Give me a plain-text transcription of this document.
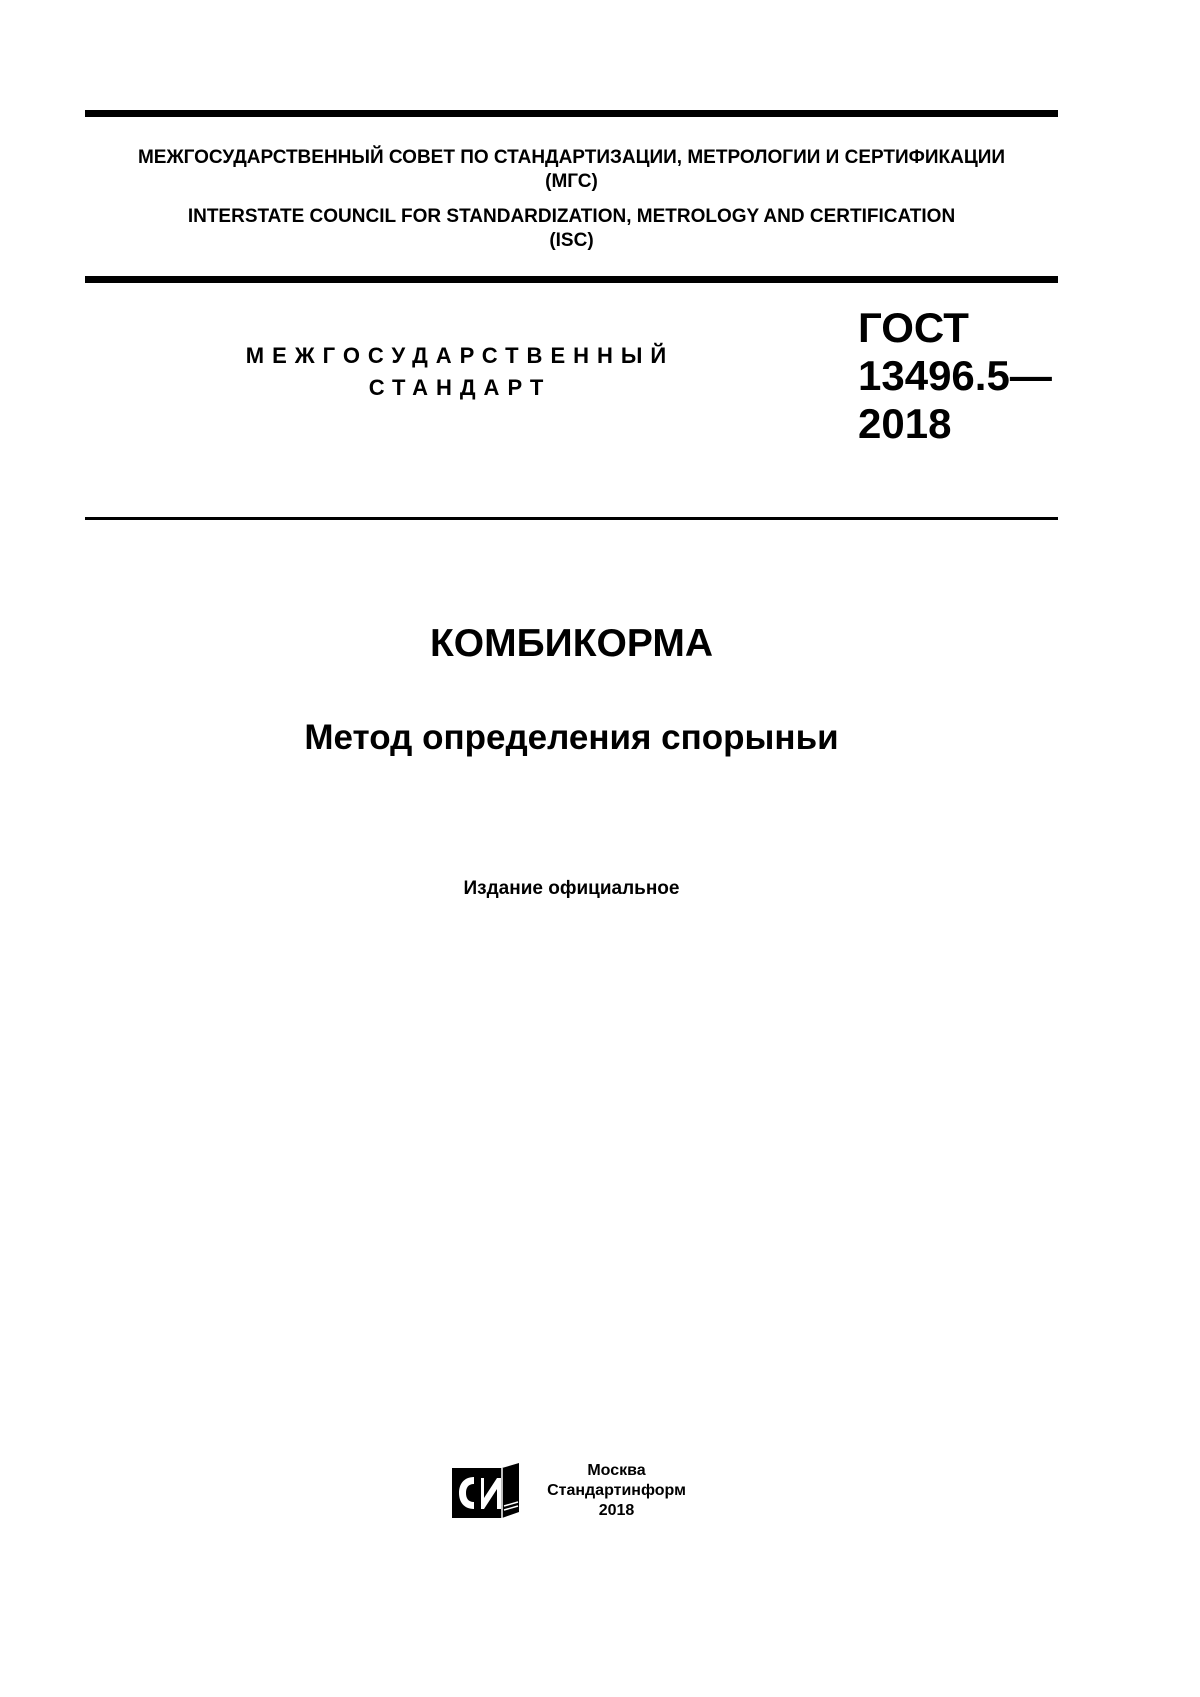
МЕЖГОСУДАРСТВЕННЫЙ СОВЕТ ПО СТАНДАРТИЗАЦИИ, МЕТРОЛОГИИ И СЕРТИФИКАЦИИ
(МГС)
INTERSTATE COUNCIL FOR STANDARDIZATION, METROLOGY AND CERTIFICATION
(ISC)
МЕЖГОСУДАРСТВЕННЫЙ
СТАНДАРТ
ГОСТ
13496.5—
2018
КОМБИКОРМА
Метод определения спорыньи
Издание официальное
Москва
Стандартинформ
2018
